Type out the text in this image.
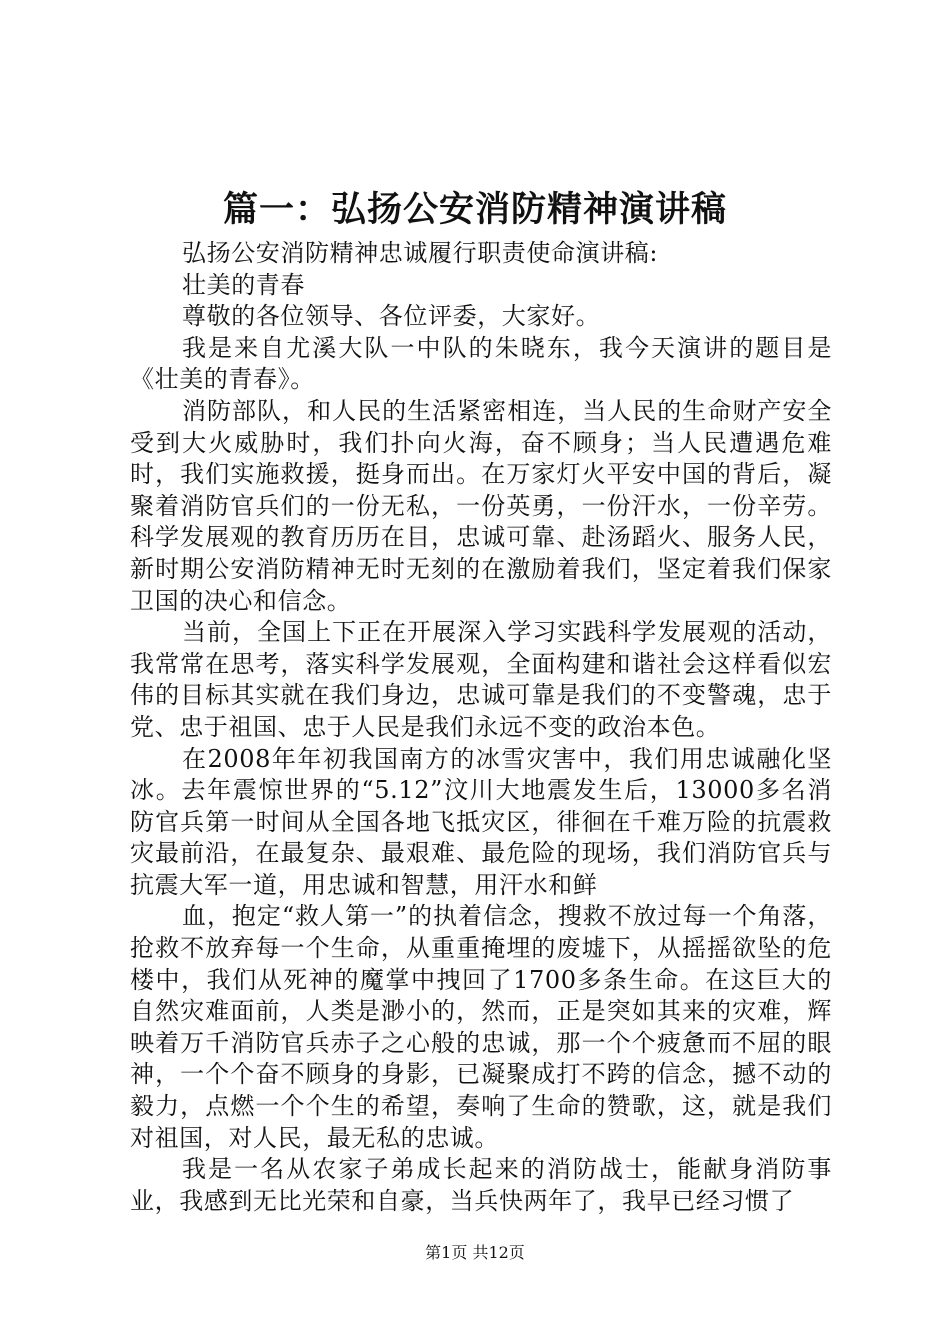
篇一：弘扬公安消防精神演讲稿

弘扬公安消防精神忠诚履行职责使命演讲稿:

壮美的青春

尊敬的各位领导、各位评委，大家好。

我是来自尤溪大队一中队的朱晓东，我今天演讲的题目是《壮美的青春》。

消防部队，和人民的生活紧密相连，当人民的生命财产安全受到大火威胁时，我们扑向火海，奋不顾身；当人民遭遇危难时，我们实施救援，挺身而出。在万家灯火平安中国的背后，凝聚着消防官兵们的一份无私，一份英勇，一份汗水，一份辛劳。科学发展观的教育历历在目，忠诚可靠、赴汤蹈火、服务人民，新时期公安消防精神无时无刻的在激励着我们，坚定着我们保家卫国的决心和信念。

当前，全国上下正在开展深入学习实践科学发展观的活动，我常常在思考，落实科学发展观，全面构建和谐社会这样看似宏伟的目标其实就在我们身边，忠诚可靠是我们的不变警魂，忠于党、忠于祖国、忠于人民是我们永远不变的政治本色。

在2008年年初我国南方的冰雪灾害中，我们用忠诚融化坚冰。去年震惊世界的“5.12”汶川大地震发生后，13000多名消防官兵第一时间从全国各地飞抵灾区，徘徊在千难万险的抗震救灾最前沿，在最复杂、最艰难、最危险的现场，我们消防官兵与抗震大军一道，用忠诚和智慧，用汗水和鲜

血，抱定“救人第一”的执着信念，搜救不放过每一个角落，抢救不放弃每一个生命，从重重掩埋的废墟下，从摇摇欲坠的危楼中，我们从死神的魔掌中拽回了1700多条生命。在这巨大的自然灾难面前，人类是渺小的，然而，正是突如其来的灾难，辉映着万千消防官兵赤子之心般的忠诚，那一个个疲惫而不屈的眼神，一个个奋不顾身的身影，已凝聚成打不跨的信念，撼不动的毅力，点燃一个个生的希望，奏响了生命的赞歌，这，就是我们对祖国，对人民，最无私的忠诚。

我是一名从农家子弟成长起来的消防战士，能献身消防事业，我感到无比光荣和自豪，当兵快两年了，我早已经习惯了

第1页 共12页
